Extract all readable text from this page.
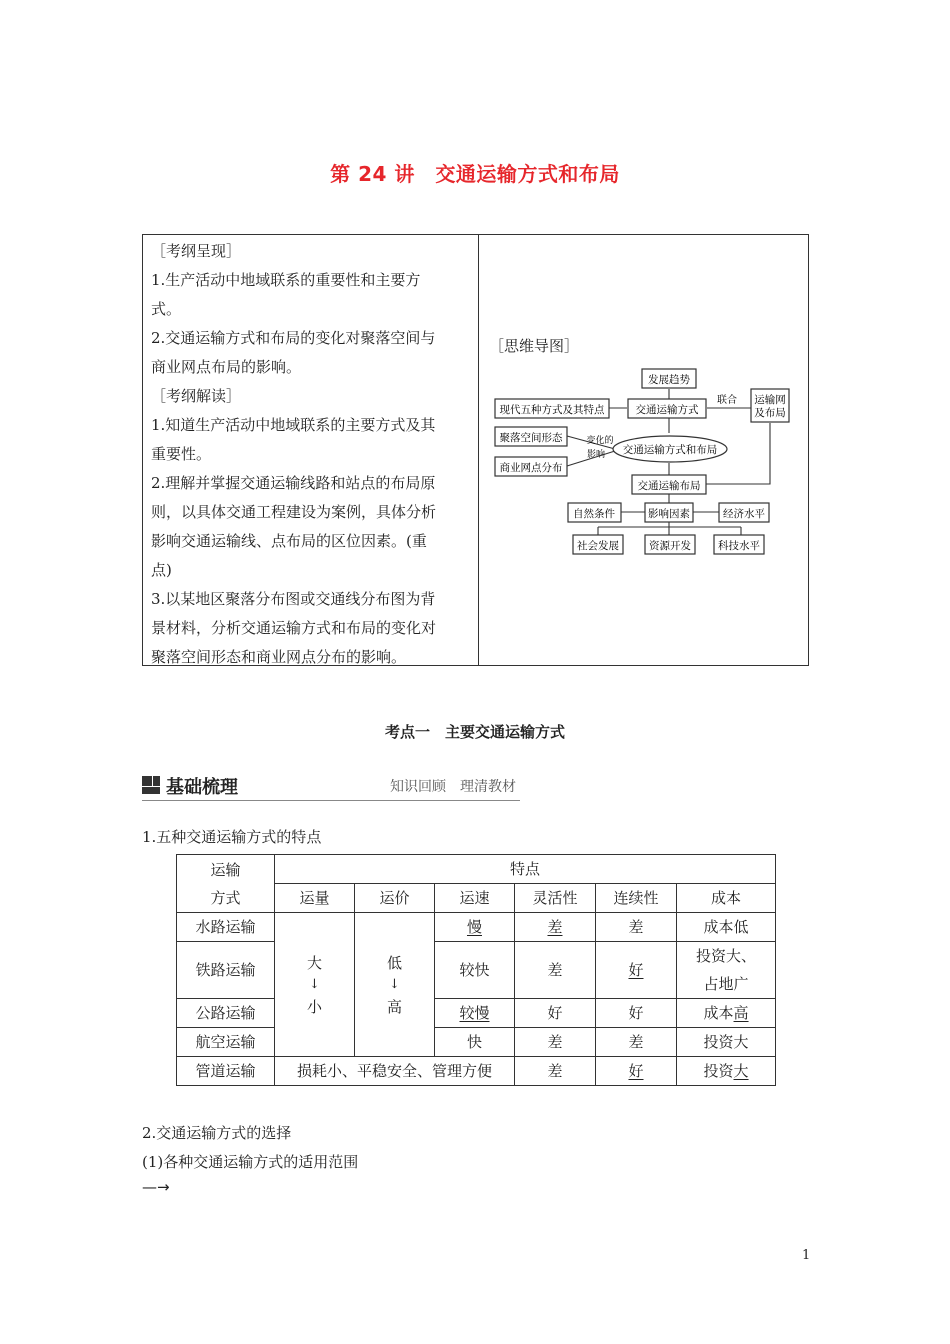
第 24 讲　交通运输方式和布局
［考纲呈现］
1.生产活动中地域联系的重要性和主要方
式。
2.交通运输方式和布局的变化对聚落空间与
商业网点布局的影响。
［考纲解读］
1.知道生产活动中地域联系的主要方式及其
重要性。
2.理解并掌握交通运输线路和站点的布局原
则，以具体交通工程建设为案例，具体分析
影响交通运输线、点布局的区位因素。(重
点)
3.以某地区聚落分布图或交通线分布图为背
景材料，分析交通运输方式和布局的变化对
聚落空间形态和商业网点分布的影响。
［思维导图］
发展趋势
现代五种方式及其特点	交通运输方式
联合 运输网
及布局
聚落空间形态	变化的
影响 交通运输方式和布局
商业网点分布
交通运输布局
自然条件	影响因素	经济水平
社会发展	资源开发	科技水平
考点一　主要交通运输方式
基础梳理	知识回顾　理清教材
1.五种交通运输方式的特点
运输
方式	特点					
	运量	运价	运速	灵活性	连续性	成本
水路运输	大
↓
小	低
↓
高	慢	差	差	成本低
铁路运输			较快	差	好	投资大、
占地广

公路运输			较慢	好	好	成本高
航空运输			快	差	差	投资大
管道运输	损耗小、平稳安全、管理方便			差	好	投资大
2.交通运输方式的选择
(1)各种交通运输方式的适用范围
—→
1
